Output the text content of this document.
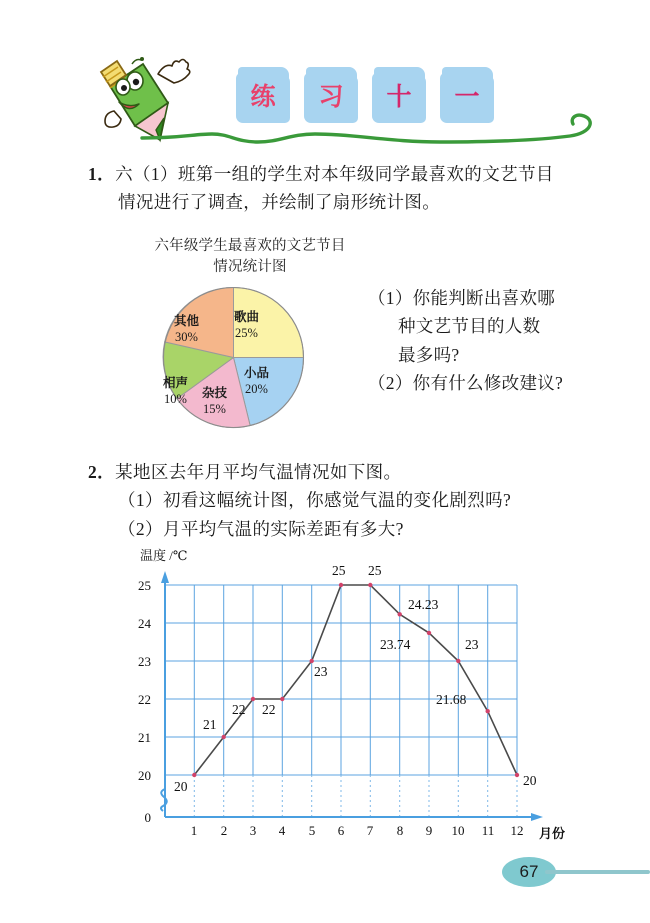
练	习	十	一
1．六（1）班第一组的学生对本年级同学最喜欢的文艺节目
情况进行了调查，并绘制了扇形统计图。
六年级学生最喜欢的文艺节目
情况统计图
歌曲
25%
小品
20%
杂技
15%
相声
10%
其他
30%
（1）你能判断出喜欢哪
种文艺节目的人数
最多吗?
（2）你有什么修改建议?
2．某地区去年月平均气温情况如下图。
（1）初看这幅统计图，你感觉气温的变化剧烈吗?
（2）月平均气温的实际差距有多大?
温度 /℃
25
24
23
22
21
20
0
1	2	3	4	5	6	7	8	9	10	11	12	月份
20
21
22 22
23
25 25
24.23
23.74	23
21.68
20
67
